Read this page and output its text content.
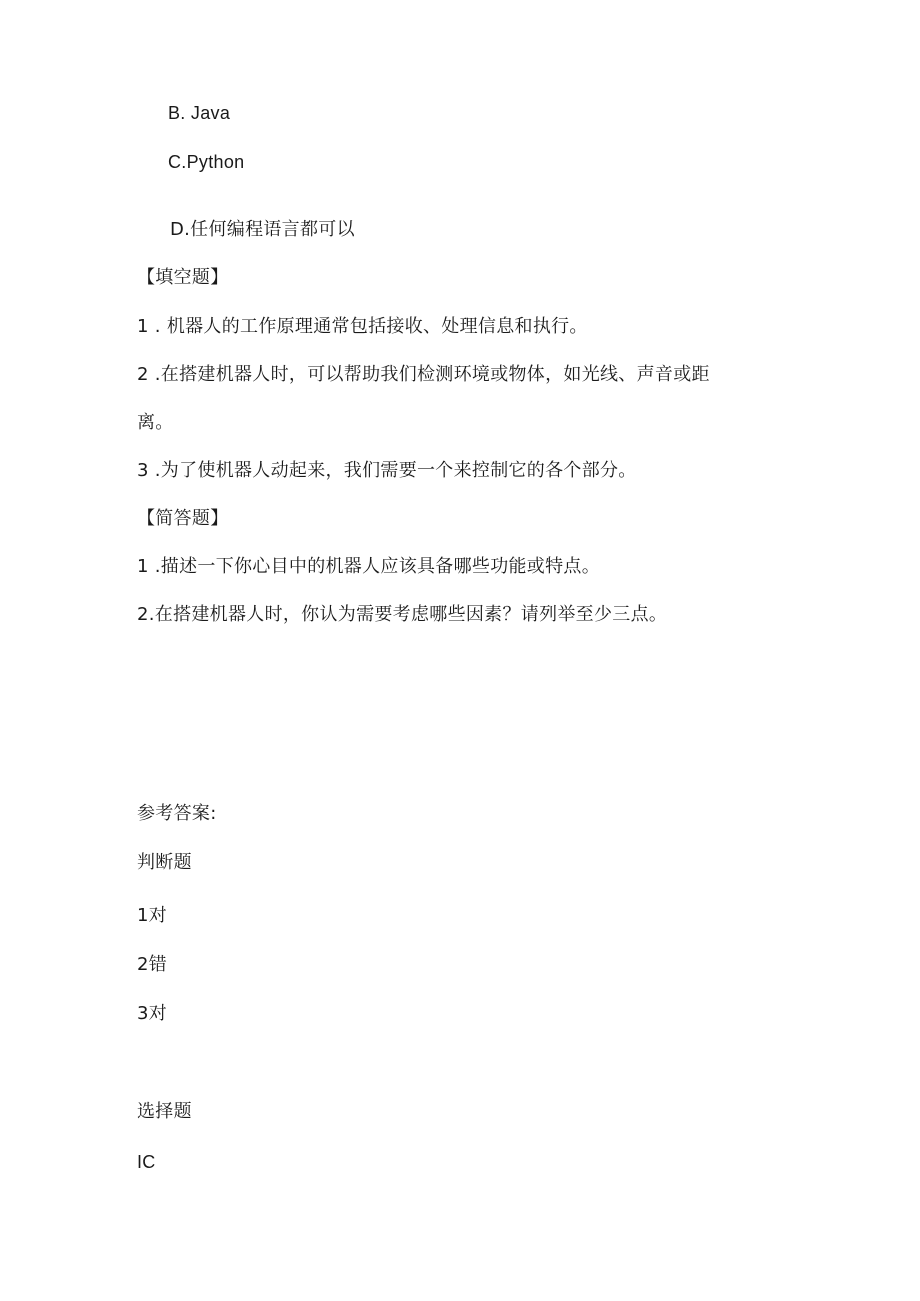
B. Java
C.Python
D.任何编程语言都可以
【填空题】
1 . 机器人的工作原理通常包括接收、处理信息和执行。
2 .在搭建机器人时，可以帮助我们检测环境或物体，如光线、声音或距
离。
3 .为了使机器人动起来，我们需要一个来控制它的各个部分。
【简答题】
1 .描述一下你心目中的机器人应该具备哪些功能或特点。
2.在搭建机器人时，你认为需要考虑哪些因素？请列举至少三点。
参考答案:
判断题
1对
2错
3对
选择题
IC
